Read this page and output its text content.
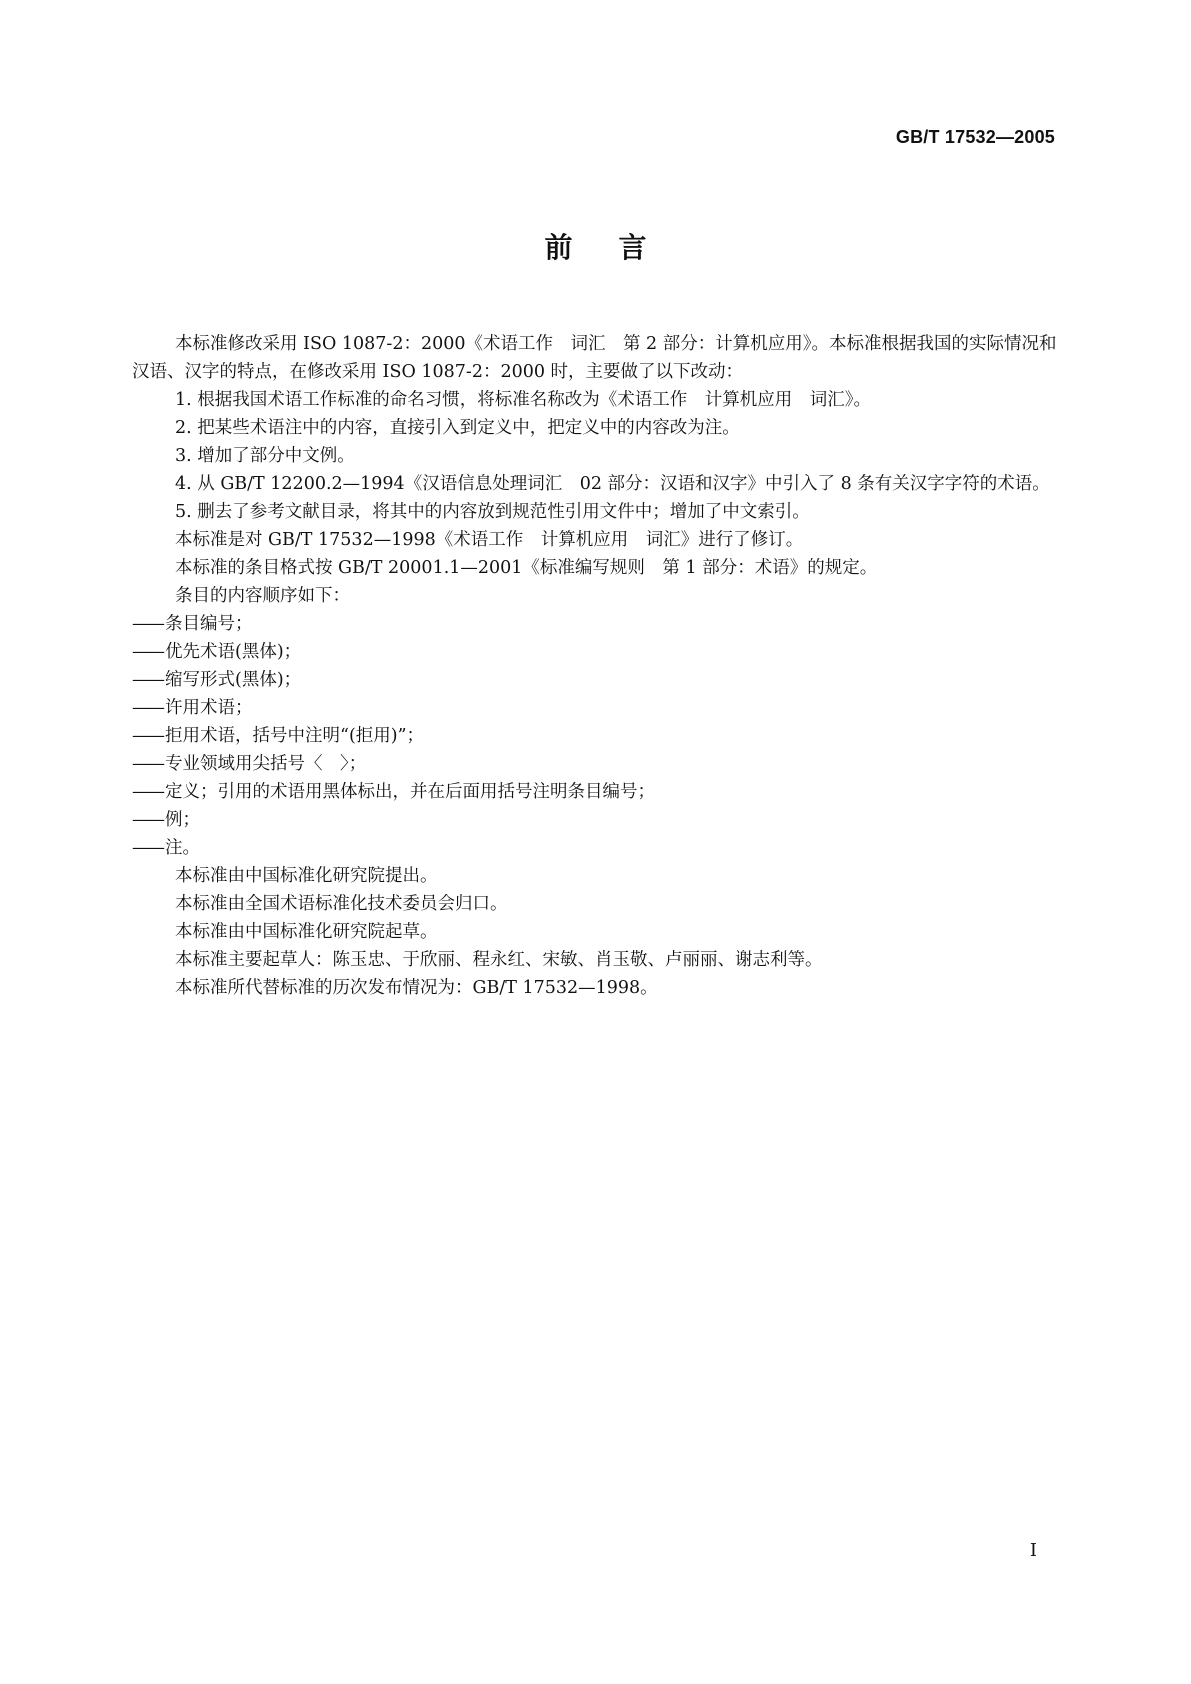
GB/T 17532—2005
前言

本标准修改采用 ISO 1087-2：2000《术语工作　词汇　第 2 部分：计算机应用》。本标准根据我国的实际情况和汉语、汉字的特点，在修改采用 ISO 1087-2：2000 时，主要做了以下改动：

1. 根据我国术语工作标准的命名习惯，将标准名称改为《术语工作　计算机应用　词汇》。

2. 把某些术语注中的内容，直接引入到定义中，把定义中的内容改为注。

3. 增加了部分中文例。

4. 从 GB/T 12200.2—1994《汉语信息处理词汇　02 部分：汉语和汉字》中引入了 8 条有关汉字字符的术语。

5. 删去了参考文献目录，将其中的内容放到规范性引用文件中；增加了中文索引。

本标准是对 GB/T 17532—1998《术语工作　计算机应用　词汇》进行了修订。

本标准的条目格式按 GB/T 20001.1—2001《标准编写规则　第 1 部分：术语》的规定。

条目的内容顺序如下：

—— 条目编号；

—— 优先术语(黑体)；

—— 缩写形式(黑体)；

—— 许用术语；

—— 拒用术语，括号中注明“(拒用)”；

—— 专业领域用尖括号〈　〉；

—— 定义；引用的术语用黑体标出，并在后面用括号注明条目编号；

—— 例；

—— 注。

本标准由中国标准化研究院提出。

本标准由全国术语标准化技术委员会归口。

本标准由中国标准化研究院起草。

本标准主要起草人：陈玉忠、于欣丽、程永红、宋敏、肖玉敬、卢丽丽、谢志利等。

本标准所代替标准的历次发布情况为：GB/T 17532—1998。

I
